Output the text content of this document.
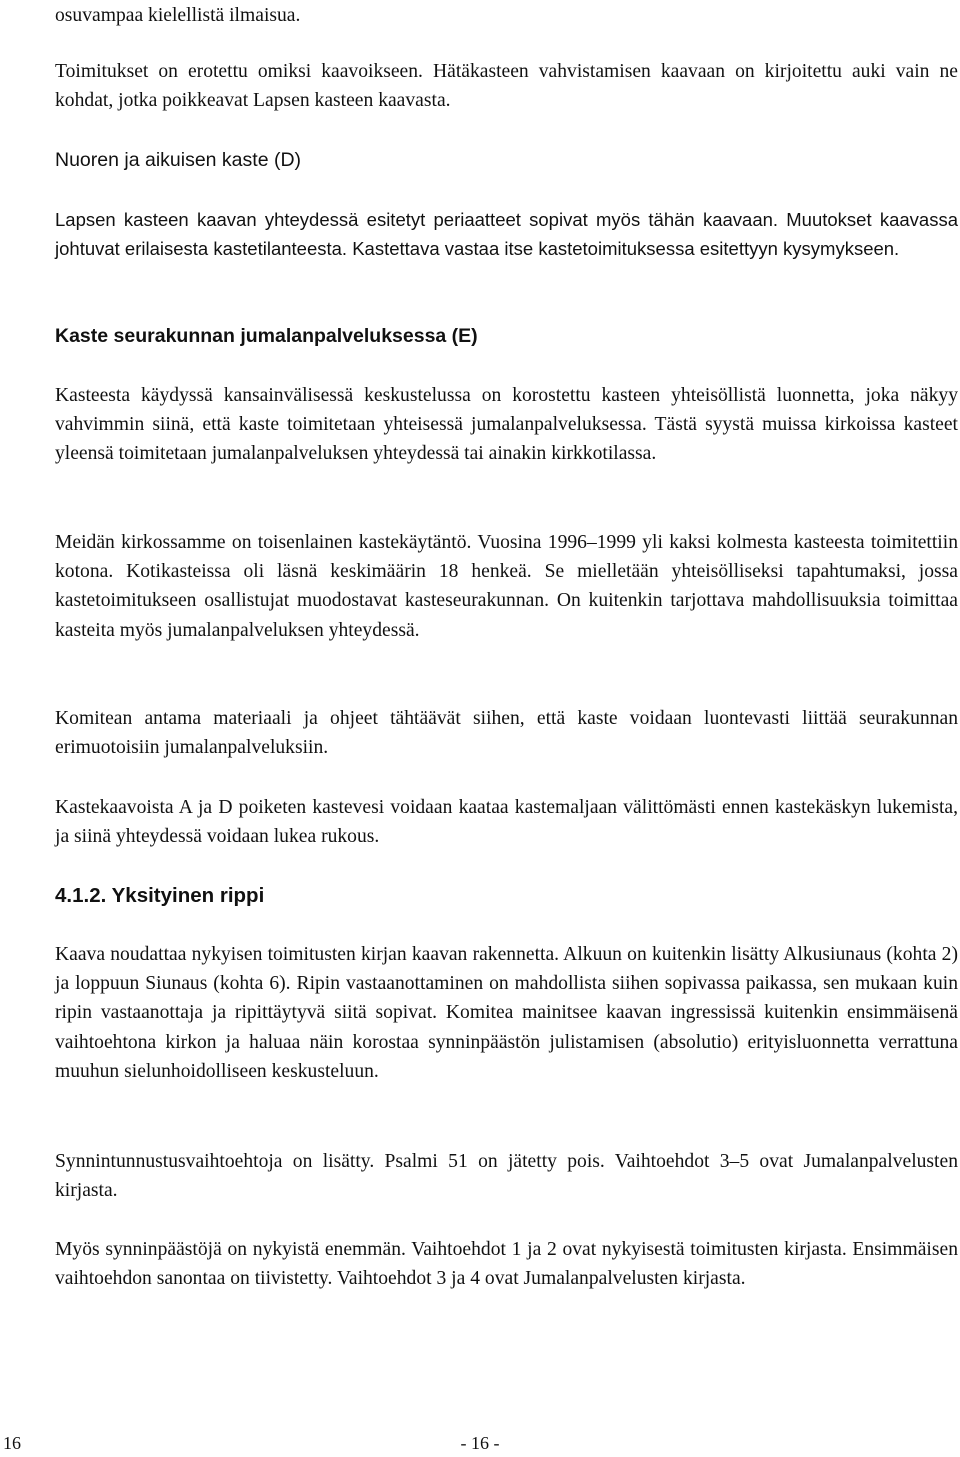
osuvampaa kielellistä ilmaisua.

Toimitukset on erotettu omiksi kaavoikseen. Hätäkasteen vahvistamisen kaavaan on kirjoitettu auki vain ne kohdat, jotka poikkeavat Lapsen kasteen kaavasta.

Nuoren ja aikuisen kaste (D)

Lapsen kasteen kaavan yhteydessä esitetyt periaatteet sopivat myös tähän kaavaan. Muutokset kaavassa johtuvat erilaisesta kastetilanteesta. Kastettava vastaa itse kastetoimituksessa esitettyyn kysymykseen.

Kaste seurakunnan jumalanpalveluksessa (E)

Kasteesta käydyssä kansainvälisessä keskustelussa on korostettu kasteen yhteisöllistä luonnetta, joka näkyy vahvimmin siinä, että kaste toimitetaan yhteisessä jumalanpalveluksessa. Tästä syystä muissa kirkoissa kasteet yleensä toimitetaan jumalanpalveluksen yhteydessä tai ainakin kirkkotilassa.

Meidän kirkossamme on toisenlainen kastekäytäntö. Vuosina 1996–1999 yli kaksi kolmesta kasteesta toimitettiin kotona. Kotikasteissa oli läsnä keskimäärin 18 henkeä. Se mielletään yhteisölliseksi tapahtumaksi, jossa kastetoimitukseen osallistujat muodostavat kasteseurakunnan. On kuitenkin tarjottava mahdollisuuksia toimittaa kasteita myös jumalanpalveluksen yhteydessä.

Komitean antama materiaali ja ohjeet tähtäävät siihen, että kaste voidaan luontevasti liittää seurakunnan erimuotoisiin jumalanpalveluksiin.

Kastekaavoista A ja D poiketen kastevesi voidaan kaataa kastemaljaan välittömästi ennen kastekäskyn lukemista, ja siinä yhteydessä voidaan lukea rukous.

4.1.2. Yksityinen rippi

Kaava noudattaa nykyisen toimitusten kirjan kaavan rakennetta. Alkuun on kuitenkin lisätty Alkusiunaus (kohta 2) ja loppuun Siunaus (kohta 6). Ripin vastaanottaminen on mahdollista siihen sopivassa paikassa, sen mukaan kuin ripin vastaanottaja ja ripittäytyvä siitä sopivat. Komitea mainitsee kaavan ingressissä kuitenkin ensimmäisenä vaihtoehtona kirkon ja haluaa näin korostaa synninpäästön julistamisen (absolutio) erityisluonnetta verrattuna muuhun sielunhoidolliseen keskusteluun.

Synnintunnustusvaihtoehtoja on lisätty. Psalmi 51 on jätetty pois. Vaihtoehdot 3–5 ovat Jumalanpalvelusten kirjasta.

Myös synninpäästöjä on nykyistä enemmän. Vaihtoehdot 1 ja 2 ovat nykyisestä toimitusten kirjasta. Ensimmäisen vaihtoehdon sanontaa on tiivistetty. Vaihtoehdot 3 ja 4 ovat Jumalanpalvelusten kirjasta.

16	- 16 -
